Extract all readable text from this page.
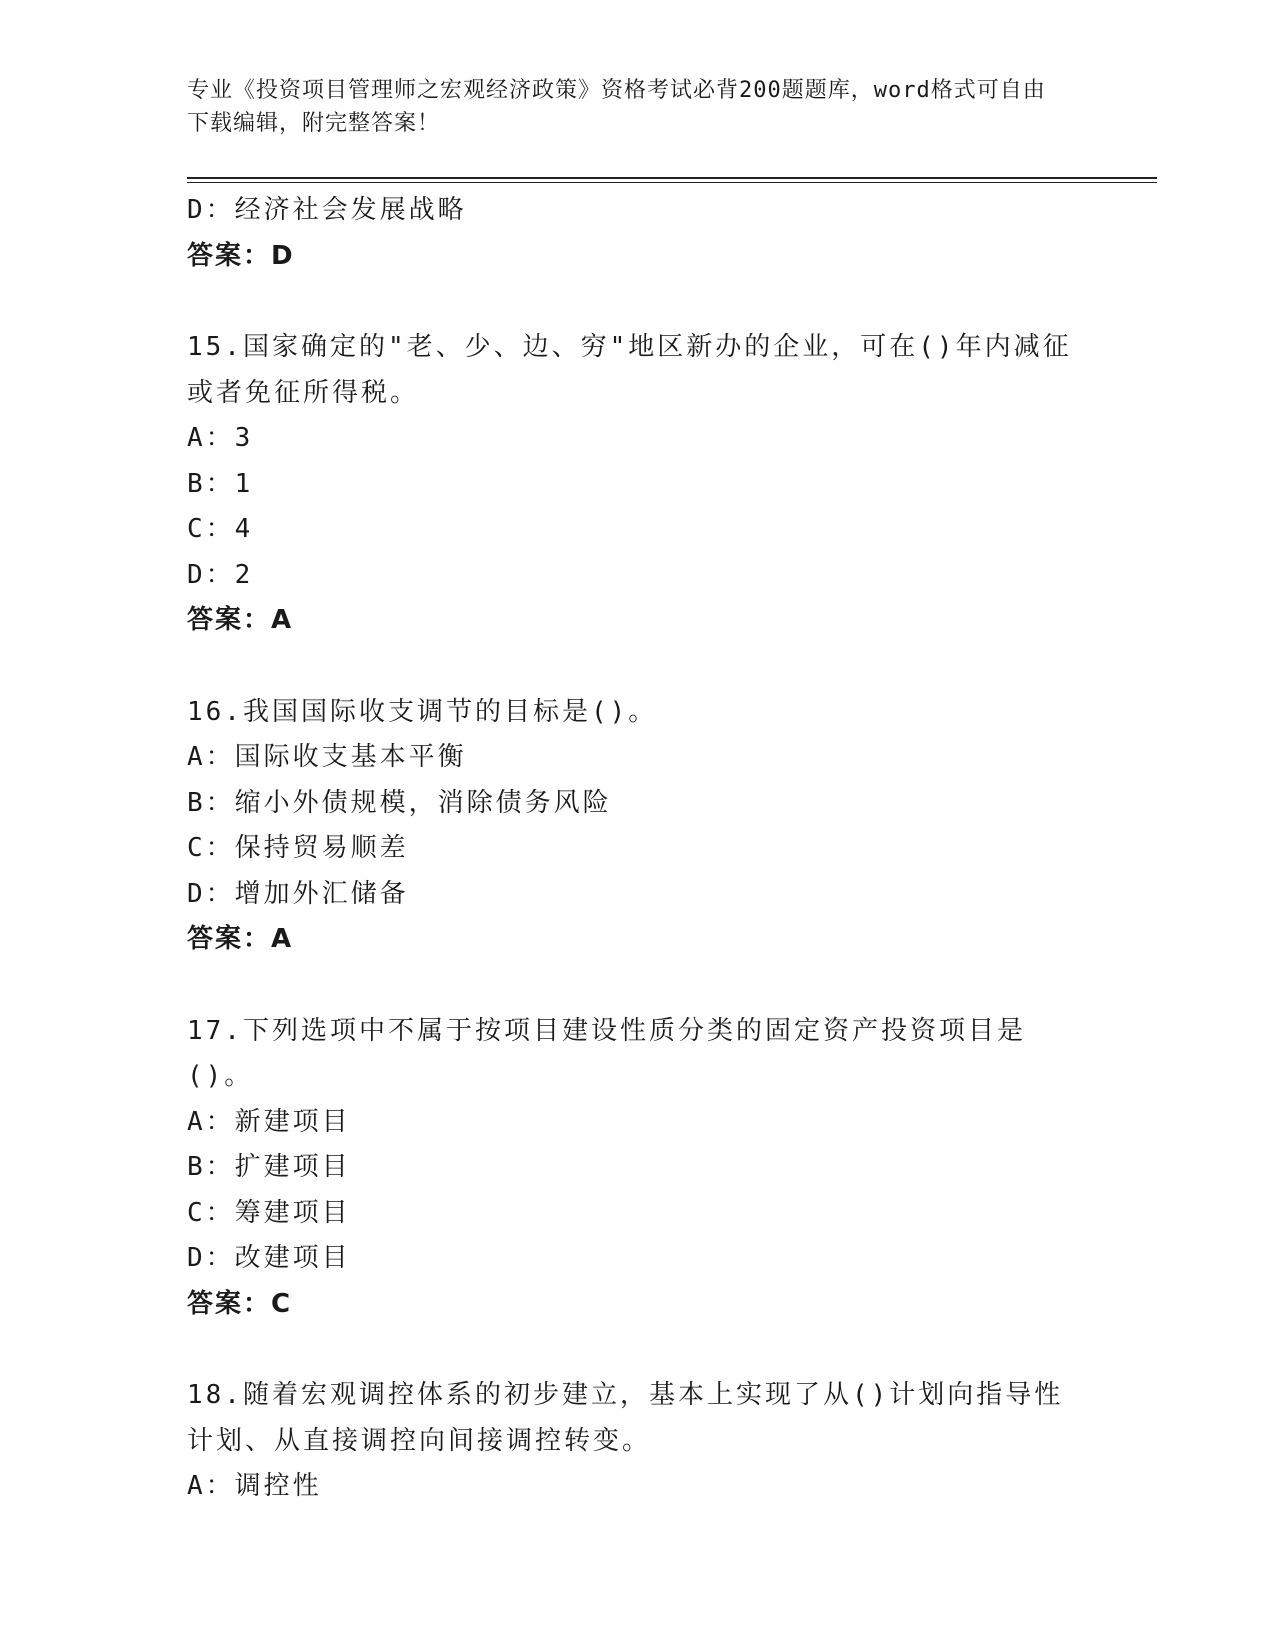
专业《投资项目管理师之宏观经济政策》资格考试必背200题题库，word格式可自由下载编辑，附完整答案！
D：经济社会发展战略
答案：D
15.国家确定的"老、少、边、穷"地区新办的企业，可在()年内减征或者免征所得税。
A：3
B：1
C：4
D：2
答案：A
16.我国国际收支调节的目标是()。
A：国际收支基本平衡
B：缩小外债规模，消除债务风险
C：保持贸易顺差
D：增加外汇储备
答案：A
17.下列选项中不属于按项目建设性质分类的固定资产投资项目是()。
A：新建项目
B：扩建项目
C：筹建项目
D：改建项目
答案：C
18.随着宏观调控体系的初步建立，基本上实现了从()计划向指导性计划、从直接调控向间接调控转变。
A：调控性
